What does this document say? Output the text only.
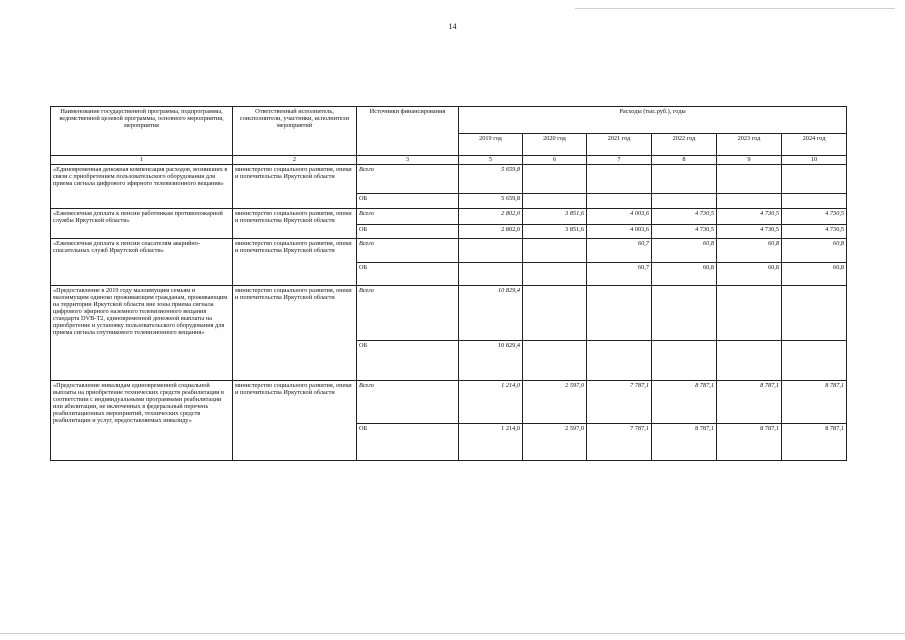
14
Наименование государственной программы, подпрограммы, ведомственной целевой программы, основного мероприятия, мероприятия	Ответственный исполнитель, соисполнители, участники, исполнители мероприятий	Источники финансирования	Расходы (тыс.руб.), годы					
			2019 год	2020 год	2021 год	2022 год	2023 год	2024 год
1	2	3	5	6	7	8	9	10
«Единовременная денежная компенсация расходов, возникших в связи с приобретением пользовательского оборудования для приема сигнала цифрового эфирного телевизионного вещания»	министерство социального развития, опеки и попечительства Иркутской области	Всего	5 659,8					
		ОБ	5 659,8					
«Ежемесячная доплата к пенсии работникам противопожарной службы Иркутской области»	министерство социального развития, опеки и попечительства Иркутской области	Всего	2 802,0	3 851,6	4 003,6	4 730,5	4 730,5	4 730,5
		ОБ	2 802,0	3 851,6	4 003,6	4 730,5	4 730,5	4 730,5
«Ежемесячная доплата к пенсии спасателям аварийно-спасательных служб Иркутской области»	министерство социального развития, опеки и попечительства Иркутской области	Всего			60,7	60,8	60,8	60,8
		ОБ			60,7	60,8	60,8	60,8
«Предоставление в 2019 году малоимущим семьям и малоимущим одиноко проживающим гражданам, проживающим на территории Иркутской области вне зоны приема сигнала цифрового эфирного наземного телевизионного вещания стандарта DVB-T2, единовременной денежной выплаты на приобретение и установку пользовательского оборудования для приема сигнала спутникового телевизионного вещания»	министерство социального развития, опеки и попечительства Иркутской области	Всего	10 829,4					
		ОБ	10 829,4					
«Предоставление инвалидам единовременной социальной выплаты на приобретение технических средств реабилитации в соответствии с индивидуальными программами реабилитации или абилитации, не включенных в федеральный перечень реабилитационных мероприятий, технических средств реабилитации и услуг, предоставляемых инвалиду»	министерство социального развития, опеки и попечительства Иркутской области	Всего	1 214,0	2 597,0	7 787,1	8 787,1	8 787,1	8 787,1
		ОБ	1 214,0	2 597,0	7 787,1	8 787,1	8 787,1	8 787,1
